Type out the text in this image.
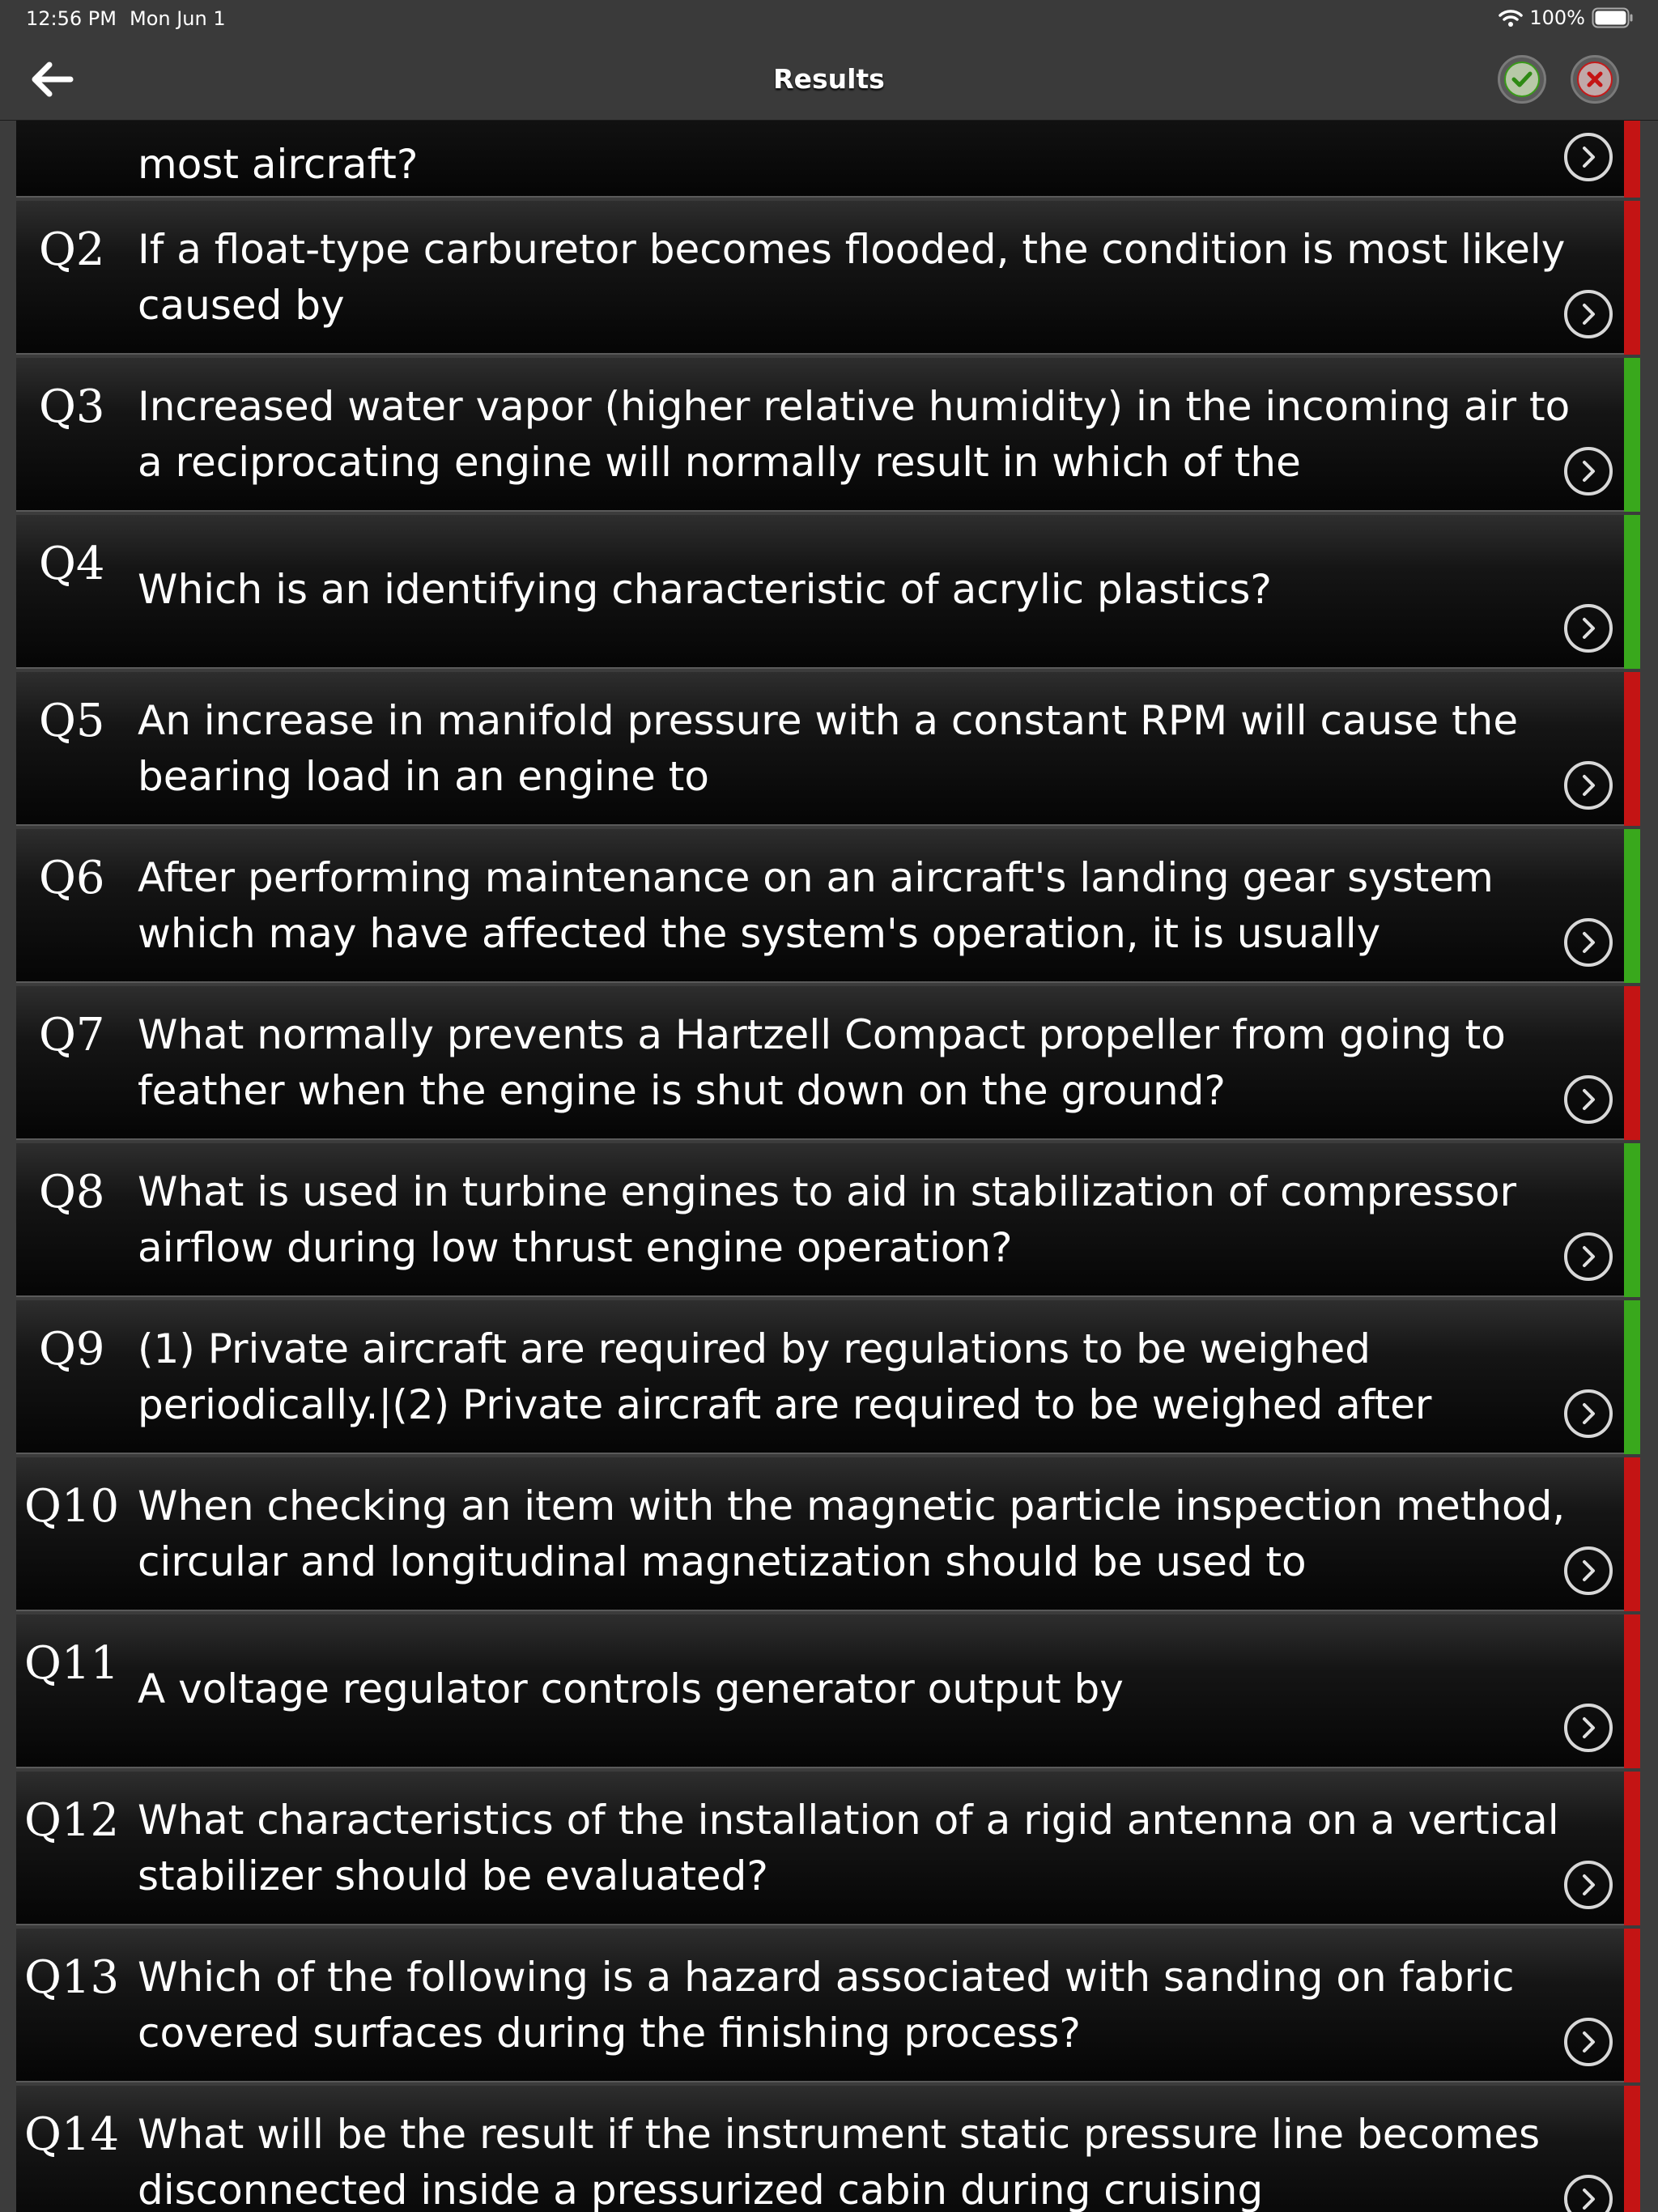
12:56 PM Mon Jun 1	100%
Results
most aircraft?
Q2 If a float-type carburetor becomes flooded, the condition is most likely caused by
Q3 Increased water vapor (higher relative humidity) in the incoming air to a reciprocating engine will normally result in which of the
Q4 Which is an identifying characteristic of acrylic plastics?
Q5 An increase in manifold pressure with a constant RPM will cause the bearing load in an engine to
Q6 After performing maintenance on an aircraft's landing gear system which may have affected the system's operation, it is usually
Q7 What normally prevents a Hartzell Compact propeller from going to feather when the engine is shut down on the ground?
Q8 What is used in turbine engines to aid in stabilization of compressor airflow during low thrust engine operation?
Q9 (1) Private aircraft are required by regulations to be weighed periodically.|(2) Private aircraft are required to be weighed after
Q10 When checking an item with the magnetic particle inspection method, circular and longitudinal magnetization should be used to
Q11 A voltage regulator controls generator output by
Q12 What characteristics of the installation of a rigid antenna on a vertical stabilizer should be evaluated?
Q13 Which of the following is a hazard associated with sanding on fabric covered surfaces during the finishing process?
Q14 What will be the result if the instrument static pressure line becomes disconnected inside a pressurized cabin during cruising
